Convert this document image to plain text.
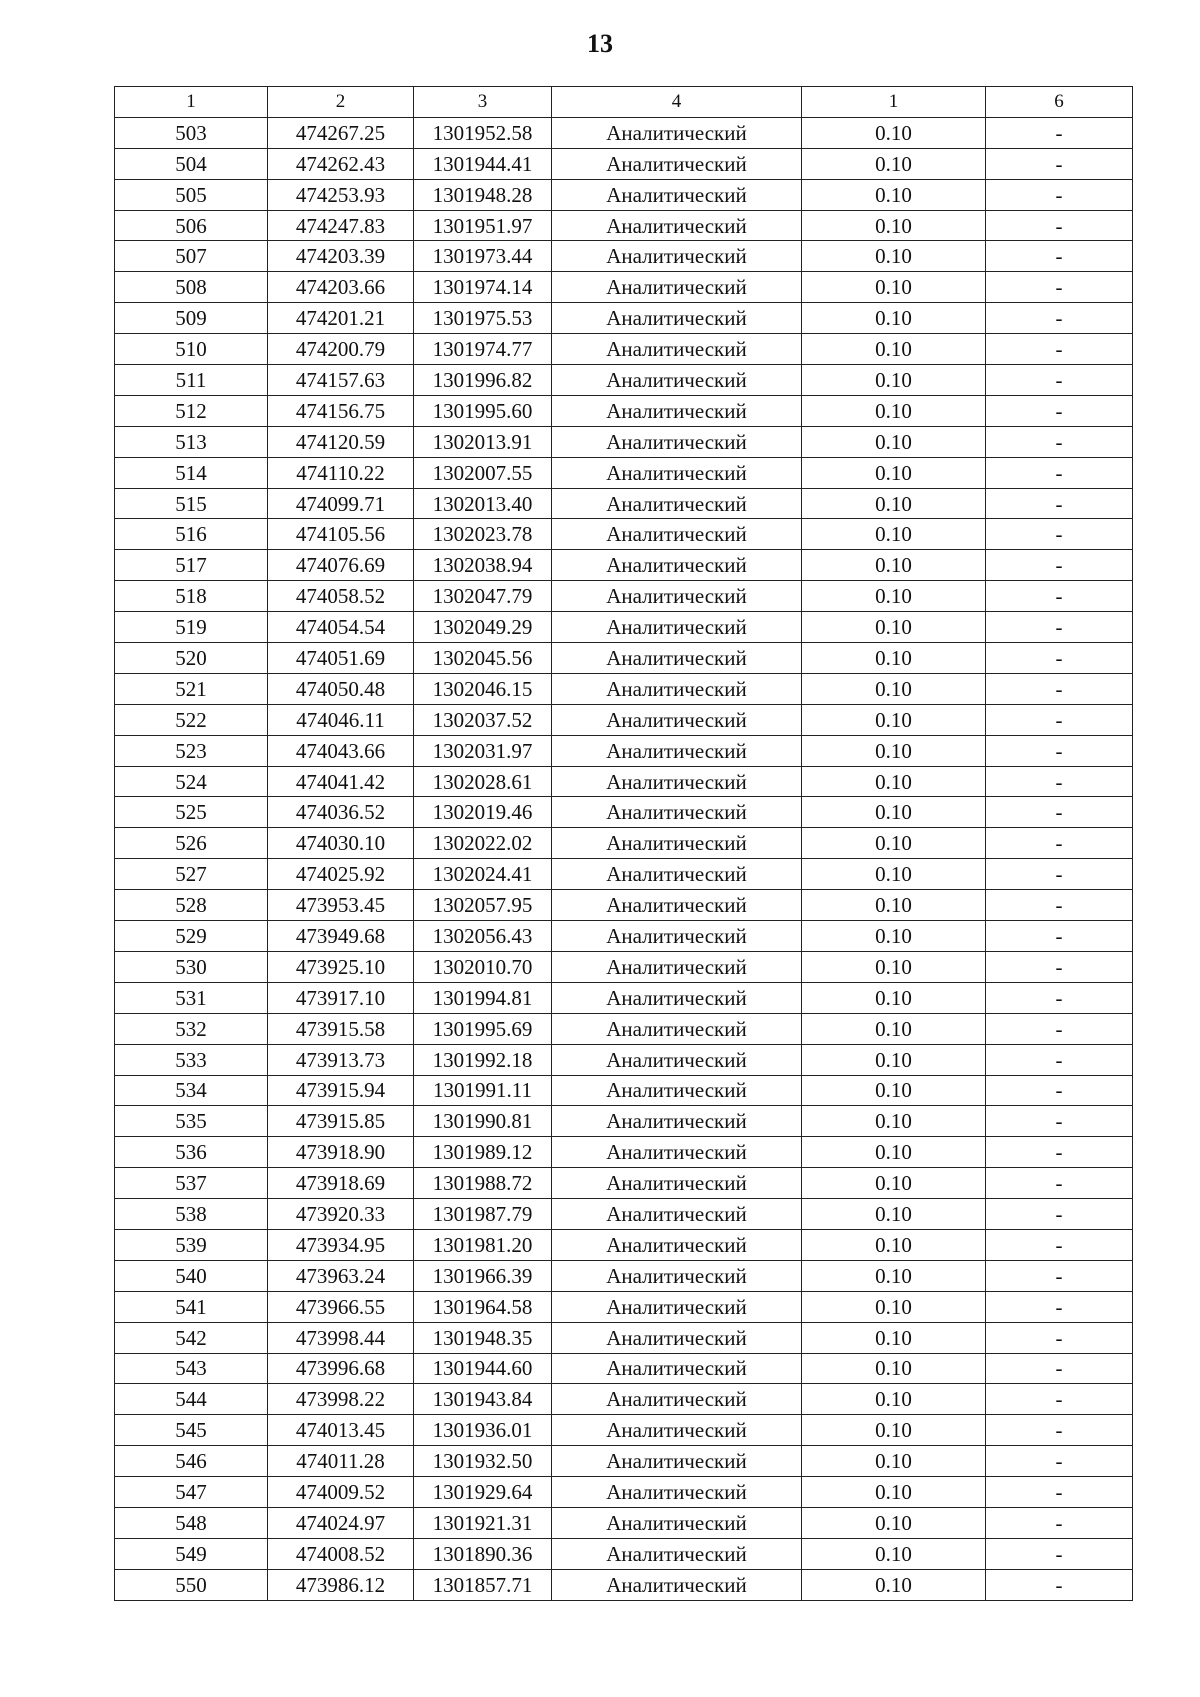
13
1	2	3	4	1	6
503	474267.25	1301952.58	Аналитический	0.10	-
504	474262.43	1301944.41	Аналитический	0.10	-
505	474253.93	1301948.28	Аналитический	0.10	-
506	474247.83	1301951.97	Аналитический	0.10	-
507	474203.39	1301973.44	Аналитический	0.10	-
508	474203.66	1301974.14	Аналитический	0.10	-
509	474201.21	1301975.53	Аналитический	0.10	-
510	474200.79	1301974.77	Аналитический	0.10	-
511	474157.63	1301996.82	Аналитический	0.10	-
512	474156.75	1301995.60	Аналитический	0.10	-
513	474120.59	1302013.91	Аналитический	0.10	-
514	474110.22	1302007.55	Аналитический	0.10	-
515	474099.71	1302013.40	Аналитический	0.10	-
516	474105.56	1302023.78	Аналитический	0.10	-
517	474076.69	1302038.94	Аналитический	0.10	-
518	474058.52	1302047.79	Аналитический	0.10	-
519	474054.54	1302049.29	Аналитический	0.10	-
520	474051.69	1302045.56	Аналитический	0.10	-
521	474050.48	1302046.15	Аналитический	0.10	-
522	474046.11	1302037.52	Аналитический	0.10	-
523	474043.66	1302031.97	Аналитический	0.10	-
524	474041.42	1302028.61	Аналитический	0.10	-
525	474036.52	1302019.46	Аналитический	0.10	-
526	474030.10	1302022.02	Аналитический	0.10	-
527	474025.92	1302024.41	Аналитический	0.10	-
528	473953.45	1302057.95	Аналитический	0.10	-
529	473949.68	1302056.43	Аналитический	0.10	-
530	473925.10	1302010.70	Аналитический	0.10	-
531	473917.10	1301994.81	Аналитический	0.10	-
532	473915.58	1301995.69	Аналитический	0.10	-
533	473913.73	1301992.18	Аналитический	0.10	-
534	473915.94	1301991.11	Аналитический	0.10	-
535	473915.85	1301990.81	Аналитический	0.10	-
536	473918.90	1301989.12	Аналитический	0.10	-
537	473918.69	1301988.72	Аналитический	0.10	-
538	473920.33	1301987.79	Аналитический	0.10	-
539	473934.95	1301981.20	Аналитический	0.10	-
540	473963.24	1301966.39	Аналитический	0.10	-
541	473966.55	1301964.58	Аналитический	0.10	-
542	473998.44	1301948.35	Аналитический	0.10	-
543	473996.68	1301944.60	Аналитический	0.10	-
544	473998.22	1301943.84	Аналитический	0.10	-
545	474013.45	1301936.01	Аналитический	0.10	-
546	474011.28	1301932.50	Аналитический	0.10	-
547	474009.52	1301929.64	Аналитический	0.10	-
548	474024.97	1301921.31	Аналитический	0.10	-
549	474008.52	1301890.36	Аналитический	0.10	-
550	473986.12	1301857.71	Аналитический	0.10	-
